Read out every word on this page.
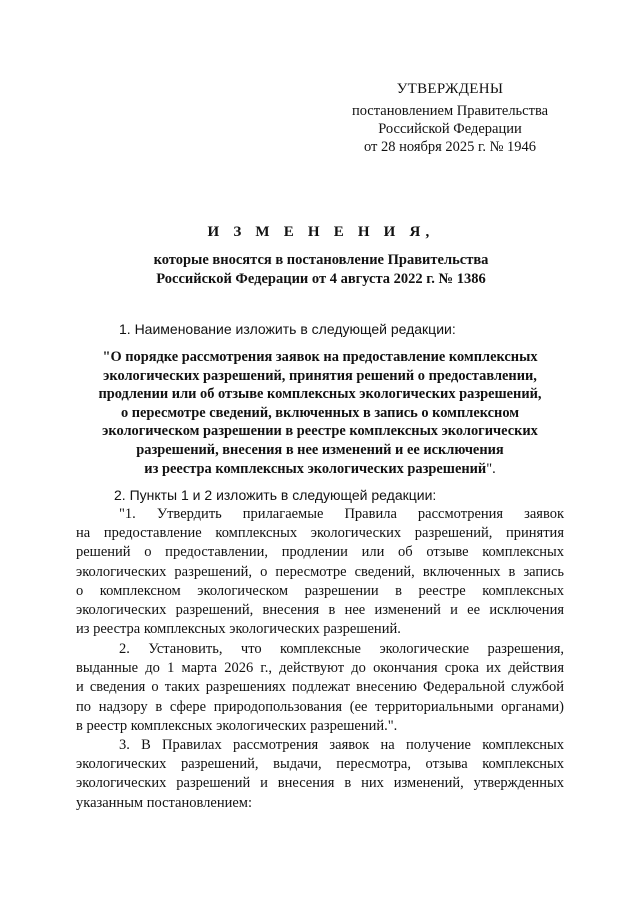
УТВЕРЖДЕНЫ
постановлением Правительства
Российской Федерации
от 28 ноября 2025 г. № 1946
И З М Е Н Е Н И Я,
которые вносятся в постановление Правительства
Российской Федерации от 4 августа 2022 г. № 1386
1. Наименование изложить в следующей редакции:
"О порядке рассмотрения заявок на предоставление комплексных
экологических разрешений, принятия решений о предоставлении,
продлении или об отзыве комплексных экологических разрешений,
о пересмотре сведений, включенных в запись о комплексном
экологическом разрешении в реестре комплексных экологических
разрешений, внесения в нее изменений и ее исключения
из реестра комплексных экологических разрешений".
2. Пункты 1 и 2 изложить в следующей редакции:
"1. Утвердить прилагаемые Правила рассмотрения заявок
на предоставление комплексных экологических разрешений, принятия
решений о предоставлении, продлении или об отзыве комплексных
экологических разрешений, о пересмотре сведений, включенных в запись
о комплексном экологическом разрешении в реестре комплексных
экологических разрешений, внесения в нее изменений и ее исключения
из реестра комплексных экологических разрешений.
2. Установить, что комплексные экологические разрешения,
выданные до 1 марта 2026 г., действуют до окончания срока их действия
и сведения о таких разрешениях подлежат внесению Федеральной службой
по надзору в сфере природопользования (ее территориальными органами)
в реестр комплексных экологических разрешений.".
3. В Правилах рассмотрения заявок на получение комплексных
экологических разрешений, выдачи, пересмотра, отзыва комплексных
экологических разрешений и внесения в них изменений, утвержденных
указанным постановлением:
